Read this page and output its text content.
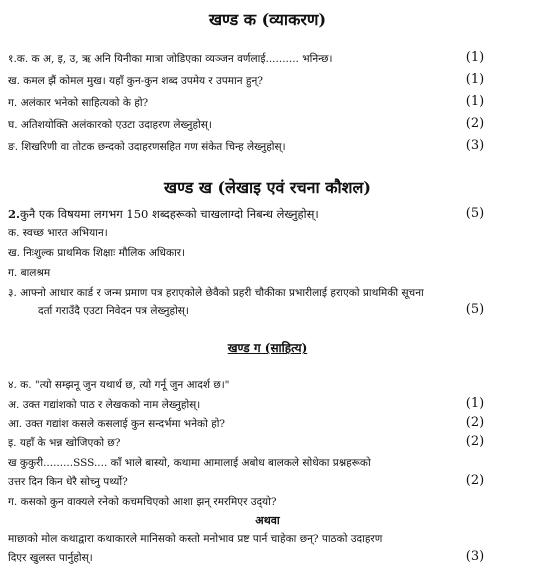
खण्ड क (व्याकरण)
१.क. क अ, इ, उ, ऋ अनि यिनीका मात्रा जोडिएका व्यञ्जन वर्णलाई.......... भनिन्छ।	(1)
ख. कमल झैं कोमल मुख। यहाँ कुन-कुन शब्द उपमेय र उपमान हुन्?	(1)
ग. अलंकार भनेको साहित्यको के हो?	(1)
घ. अतिशयोक्ति अलंकारको एउटा उदाहरण लेख्नुहोस्।	(2)
ङ. शिखरिणी वा तोटक छन्दको उदाहरणसहित गण संकेत चिन्ह लेख्नुहोस्।	(3)
खण्ड ख (लेखाइ एवं रचना कौशल)
2.कुनै एक विषयमा लगभग 150 शब्दहरूको चाखलाग्दो निबन्ध लेख्नुहोस्।	(5)
क. स्वच्छ भारत अभियान।
ख. निःशुल्क प्राथमिक शिक्षाः मौलिक अधिकार।
ग. बालश्रम
३. आफ्नो आधार कार्ड र जन्म प्रमाण पत्र हराएकोले छेवैको प्रहरी चौकीका प्रभारीलाई हराएको प्राथमिकी सूचना
दर्ता गराउँदै एउटा निवेदन पत्र लेख्नुहोस्।	(5)
खण्ड ग (साहित्य)
४. क. "त्यो सम्झनू जुन यथार्थ छ, त्यो गर्नू जुन आदर्श छ।"
अ. उक्त गद्यांशको पाठ र लेखकको नाम लेख्नुहोस्।	(1)
आ. उक्त गद्यांश कसले कसलाई कुन सन्दर्भमा भनेको हो?	(2)
इ. यहाँ के भन्न खोजिएको छ?	(2)
ख कुकुरी.........SSS.... काँ भाले बास्यो, कथामा आमालाई अबोध बालकले सोधेका प्रश्नहरूको
उत्तर दिन किन धेरै सोच्नु पर्थ्यो?	(2)
ग. कसको कुन वाक्यले रनेको कचमचिएको आशा झन् रमरमिएर उद्‌यो?
अथवा
माछाको मोल कथाद्वारा कथाकारले मानिसको कस्तो मनोभाव प्रष्ट पार्न चाहेका छन्? पाठको उदाहरण
दिएर खुलस्त पार्नुहोस्।	(3)
